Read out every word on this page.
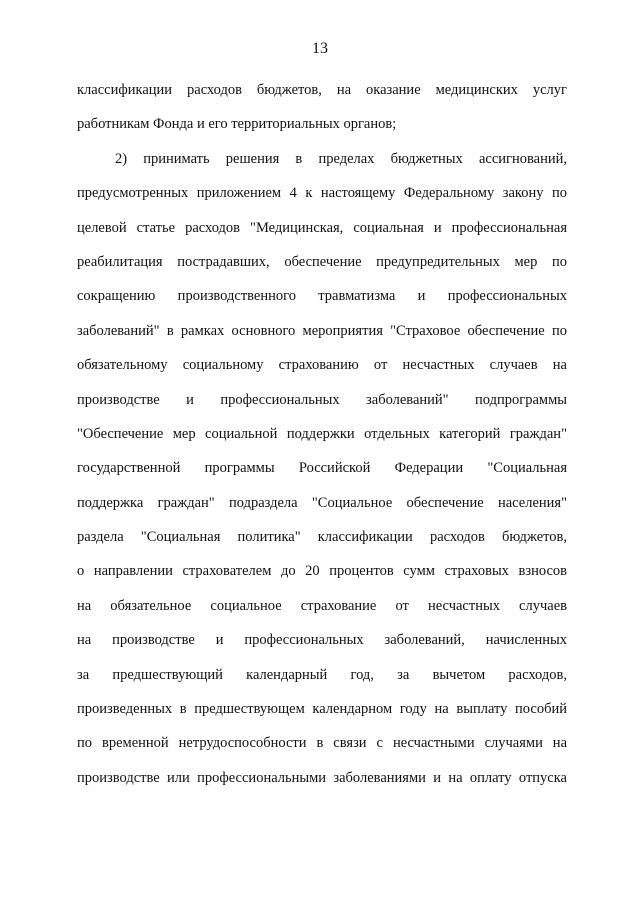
13
классификации расходов бюджетов, на оказание медицинских услуг
работникам Фонда и его территориальных органов;
2) принимать решения в пределах бюджетных ассигнований,
предусмотренных приложением 4 к настоящему Федеральному закону по
целевой статье расходов "Медицинская, социальная и профессиональная
реабилитация пострадавших, обеспечение предупредительных мер по
сокращению производственного травматизма и профессиональных
заболеваний" в рамках основного мероприятия "Страховое обеспечение по
обязательному социальному страхованию от несчастных случаев на
производстве и профессиональных заболеваний" подпрограммы
"Обеспечение мер социальной поддержки отдельных категорий граждан"
государственной программы Российской Федерации "Социальная
поддержка граждан" подраздела "Социальное обеспечение населения"
раздела "Социальная политика" классификации расходов бюджетов,
о направлении страхователем до 20 процентов сумм страховых взносов
на обязательное социальное страхование от несчастных случаев
на производстве и профессиональных заболеваний, начисленных
за предшествующий календарный год, за вычетом расходов,
произведенных в предшествующем календарном году на выплату пособий
по временной нетрудоспособности в связи с несчастными случаями на
производстве или профессиональными заболеваниями и на оплату отпуска
